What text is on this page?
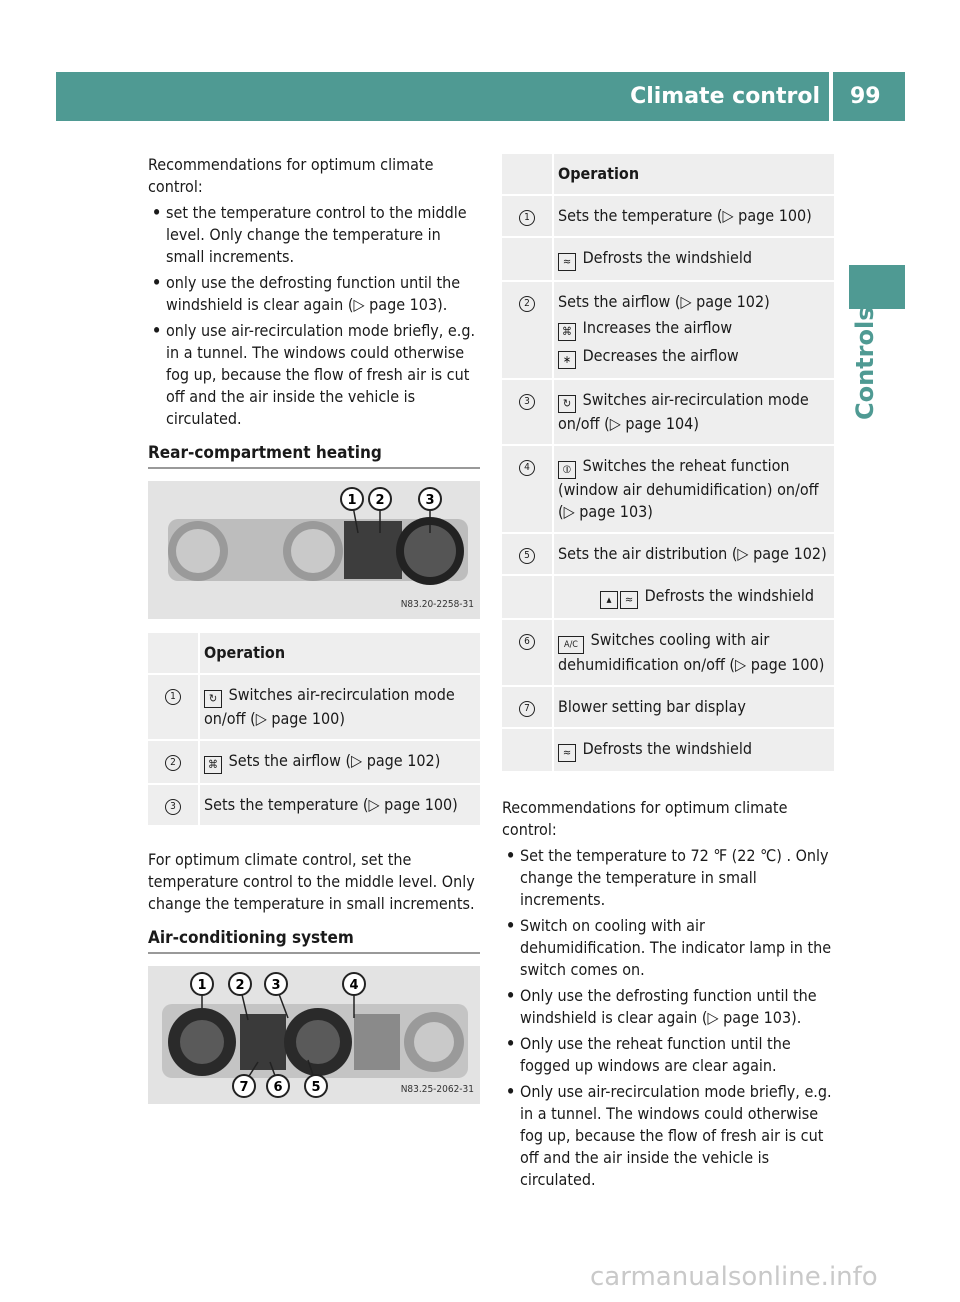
Climate control 99
Controls

Recommendations for optimum climate control:

• set the temperature control to the middle level. Only change the temperature in small increments.
• only use the defrosting function until the windshield is clear again (▷ page 103).
• only use air-recirculation mode briefly, e.g. in a tunnel. The windows could otherwise fog up, because the flow of fresh air is cut off and the air inside the vehicle is circulated.
Rear-compartment heating
1 2	3
N83.20-2258-31
	Operation
1	↻ Switches air-recirculation mode on/off (▷ page 100)
2	⌘ Sets the airflow (▷ page 102)
3	Sets the temperature (▷ page 100)

For optimum climate control, set the temperature control to the middle level. Only change the temperature in small increments.

Air-conditioning system
1 2 3	4
7 6 5	N83.25-2062-31
	Operation
1	Sets the temperature (▷ page 100)
	≈ Defrosts the windshield
2	Sets the airflow (▷ page 102)
⌘ Increases the airflow
∗ Decreases the airflow

3	↻ Switches air-recirculation mode on/off (▷ page 104)
4	⦶ Switches the reheat function (window air dehumidification) on/off (▷ page 103)
5	Sets the air distribution (▷ page 102)
	▴ ≈ Defrosts the windshield
6	A/C Switches cooling with air dehumidification on/off (▷ page 100)
7	Blower setting bar display
	≈ Defrosts the windshield

Recommendations for optimum climate control:

• Set the temperature to 72 ℉ (22 ℃) . Only change the temperature in small increments.
• Switch on cooling with air dehumidification. The indicator lamp in the switch comes on.
• Only use the defrosting function until the windshield is clear again (▷ page 103).
• Only use the reheat function until the fogged up windows are clear again.
• Only use air-recirculation mode briefly, e.g. in a tunnel. The windows could otherwise fog up, because the flow of fresh air is cut off and the air inside the vehicle is circulated.
carmanualsonline.info
